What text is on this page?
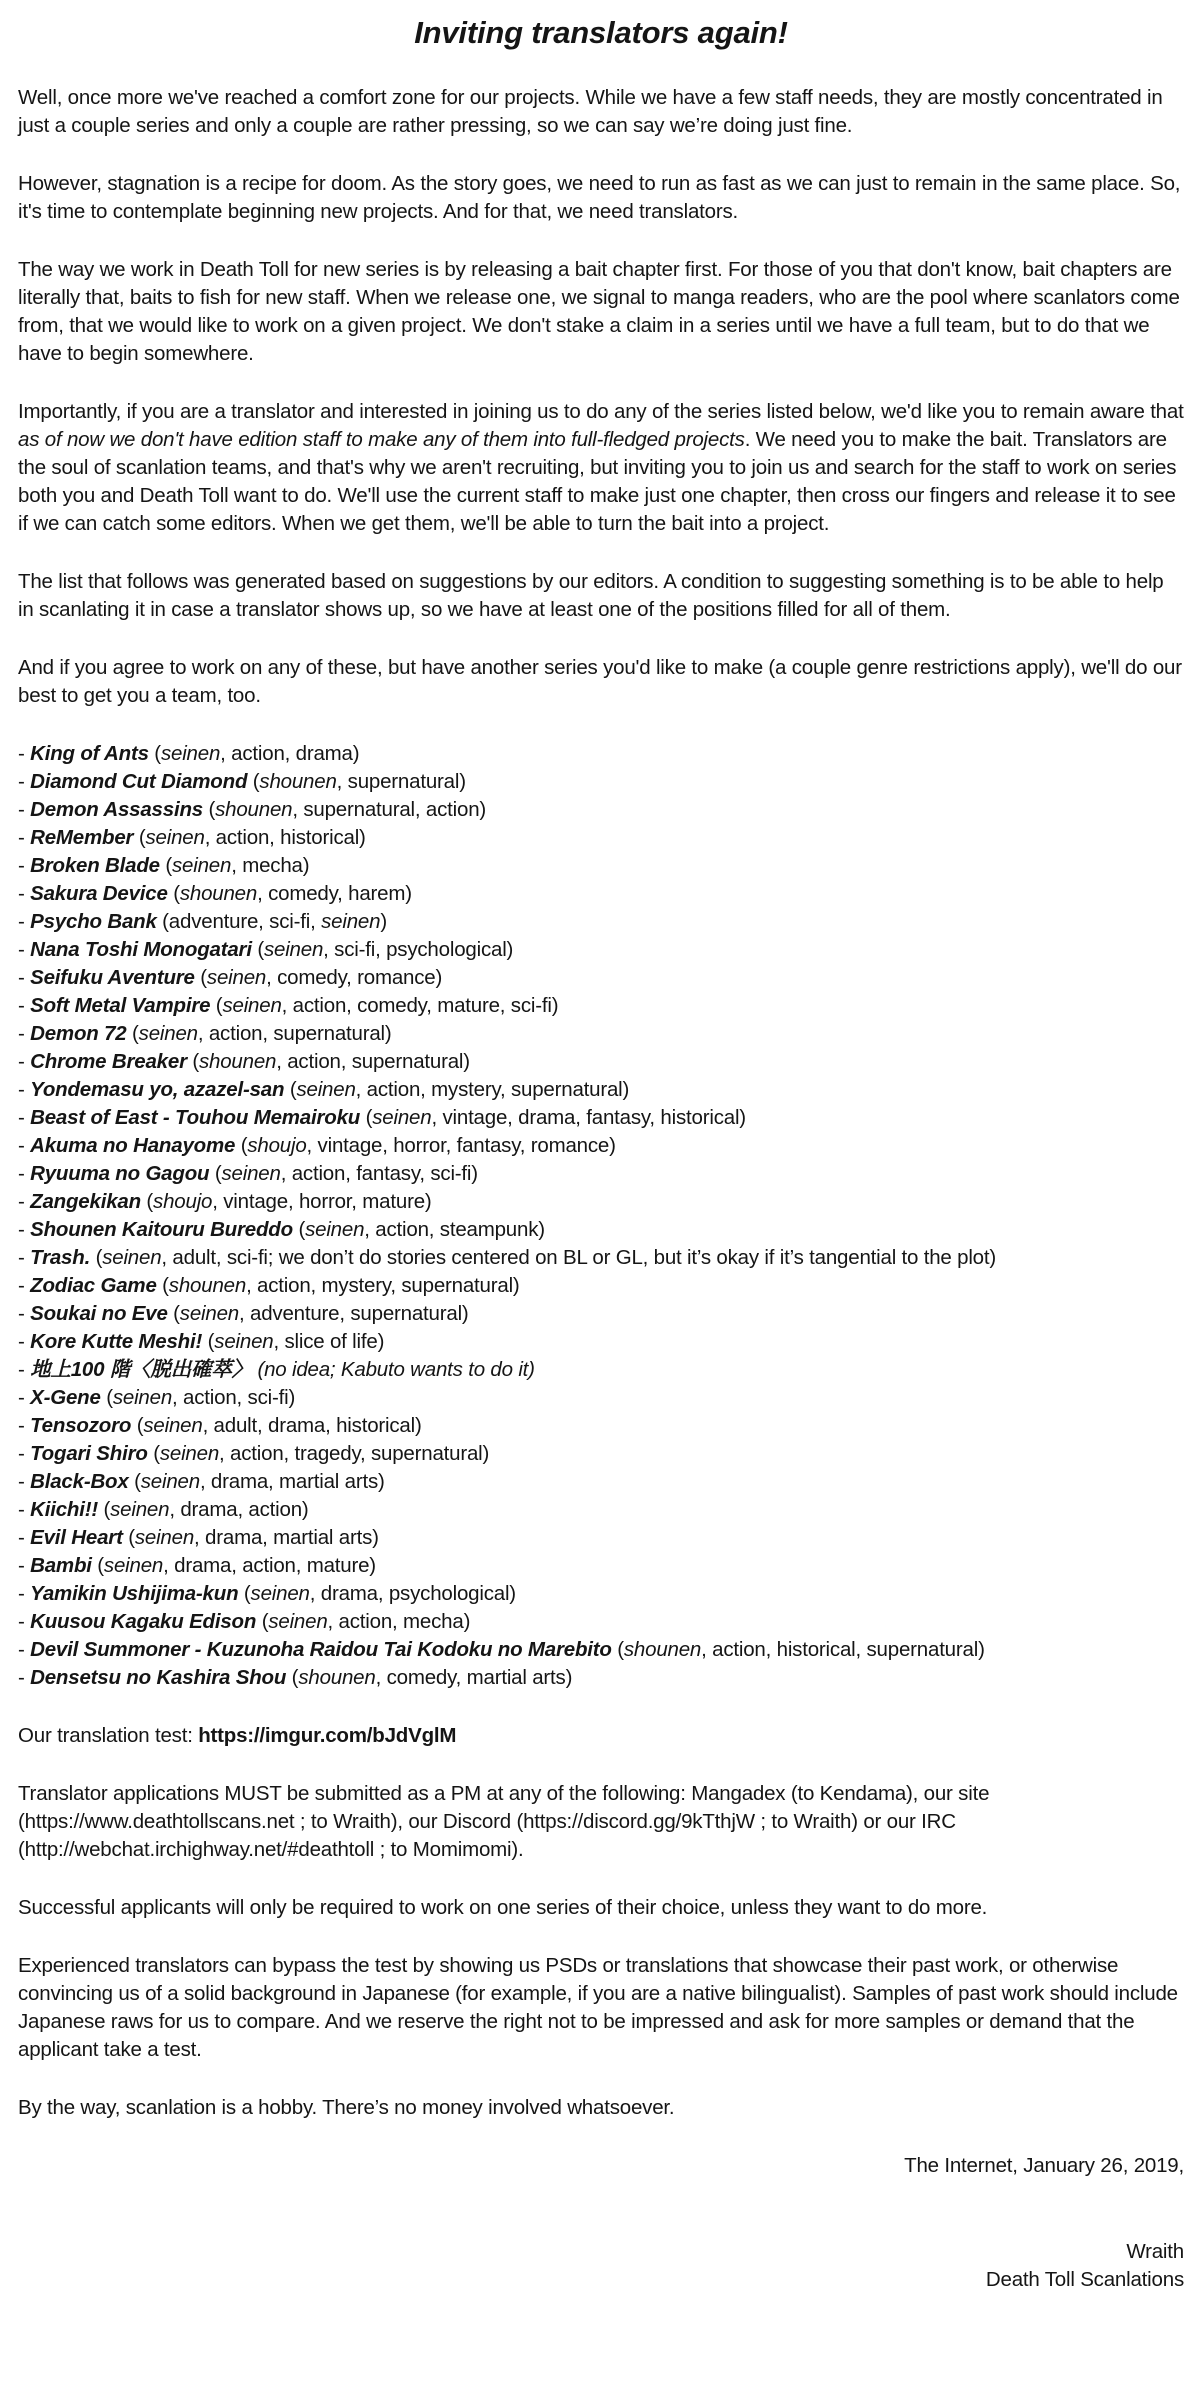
Inviting translators again!

Well, once more we've reached a comfort zone for our projects. While we have a few staff needs, they are mostly concentrated in just a couple series and only a couple are rather pressing, so we can say we’re doing just fine.

However, stagnation is a recipe for doom. As the story goes, we need to run as fast as we can just to remain in the same place. So, it's time to contemplate beginning new projects. And for that, we need translators.

The way we work in Death Toll for new series is by releasing a bait chapter first. For those of you that don't know, bait chapters are literally that, baits to fish for new staff. When we release one, we signal to manga readers, who are the pool where scanlators come from, that we would like to work on a given project. We don't stake a claim in a series until we have a full team, but to do that we have to begin somewhere.

Importantly, if you are a translator and interested in joining us to do any of the series listed below, we'd like you to remain aware that as of now we don't have edition staff to make any of them into full-fledged projects. We need you to make the bait. Translators are the soul of scanlation teams, and that's why we aren't recruiting, but inviting you to join us and search for the staff to work on series both you and Death Toll want to do. We'll use the current staff to make just one chapter, then cross our fingers and release it to see if we can catch some editors. When we get them, we'll be able to turn the bait into a project.

The list that follows was generated based on suggestions by our editors. A condition to suggesting something is to be able to help in scanlating it in case a translator shows up, so we have at least one of the positions filled for all of them.

And if you agree to work on any of these, but have another series you'd like to make (a couple genre restrictions apply), we'll do our best to get you a team, too.

- King of Ants (seinen, action, drama)
- Diamond Cut Diamond (shounen, supernatural)
- Demon Assassins (shounen, supernatural, action)
- ReMember (seinen, action, historical)
- Broken Blade (seinen, mecha)
- Sakura Device (shounen, comedy, harem)
- Psycho Bank (adventure, sci-fi, seinen)
- Nana Toshi Monogatari (seinen, sci-fi, psychological)
- Seifuku Aventure (seinen, comedy, romance)
- Soft Metal Vampire (seinen, action, comedy, mature, sci-fi)
- Demon 72 (seinen, action, supernatural)
- Chrome Breaker (shounen, action, supernatural)
- Yondemasu yo, azazel-san (seinen, action, mystery, supernatural)
- Beast of East - Touhou Memairoku (seinen, vintage, drama, fantasy, historical)
- Akuma no Hanayome (shoujo, vintage, horror, fantasy, romance)
- Ryuuma no Gagou (seinen, action, fantasy, sci-fi)
- Zangekikan (shoujo, vintage, horror, mature)
- Shounen Kaitouru Bureddo (seinen, action, steampunk)
- Trash. (seinen, adult, sci-fi; we don’t do stories centered on BL or GL, but it’s okay if it’s tangential to the plot)
- Zodiac Game (shounen, action, mystery, supernatural)
- Soukai no Eve (seinen, adventure, supernatural)
- Kore Kutte Meshi! (seinen, slice of life)
- 地上100 階〈脱出確萃〉 (no idea; Kabuto wants to do it)
- X-Gene (seinen, action, sci-fi)
- Tensozoro (seinen, adult, drama, historical)
- Togari Shiro (seinen, action, tragedy, supernatural)
- Black-Box (seinen, drama, martial arts)
- Kiichi!! (seinen, drama, action)
- Evil Heart (seinen, drama, martial arts)
- Bambi (seinen, drama, action, mature)
- Yamikin Ushijima-kun (seinen, drama, psychological)
- Kuusou Kagaku Edison (seinen, action, mecha)
- Devil Summoner - Kuzunoha Raidou Tai Kodoku no Marebito (shounen, action, historical, supernatural)
- Densetsu no Kashira Shou (shounen, comedy, martial arts)

Our translation test: https://imgur.com/bJdVglM

Translator applications MUST be submitted as a PM at any of the following: Mangadex (to Kendama), our site (https://www.deathtollscans.net ; to Wraith), our Discord (https://discord.gg/9kTthjW ; to Wraith) or our IRC (http://webchat.irchighway.net/#deathtoll ; to Momimomi).

Successful applicants will only be required to work on one series of their choice, unless they want to do more.

Experienced translators can bypass the test by showing us PSDs or translations that showcase their past work, or otherwise convincing us of a solid background in Japanese (for example, if you are a native bilingualist). Samples of past work should include Japanese raws for us to compare. And we reserve the right not to be impressed and ask for more samples or demand that the applicant take a test.

By the way, scanlation is a hobby. There’s no money involved whatsoever.

The Internet, January 26, 2019,
Wraith
Death Toll Scanlations
